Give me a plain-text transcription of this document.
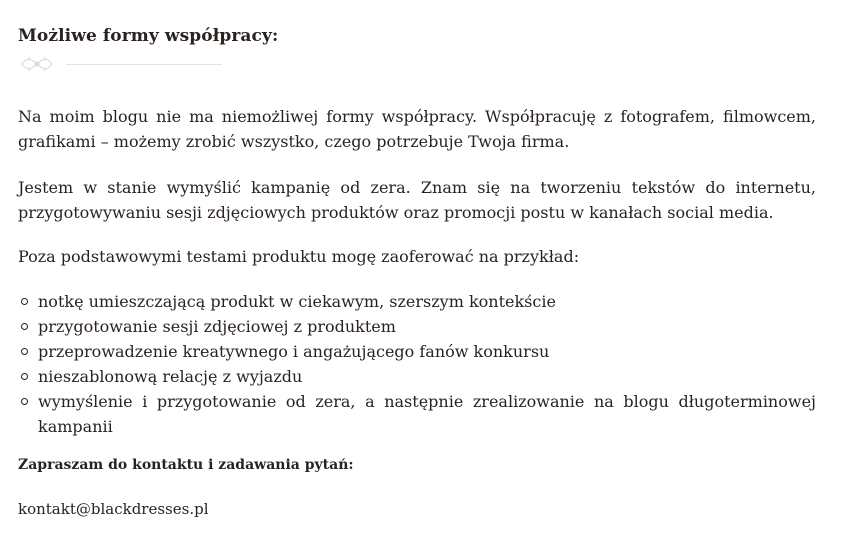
Możliwe formy współpracy:

Na moim blogu nie ma niemożliwej formy współpracy. Współpracuję z fotografem, filmowcem, grafikami – możemy zrobić wszystko, czego potrzebuje Twoja firma.

Jestem w stanie wymyślić kampanię od zera. Znam się na tworzeniu tekstów do internetu, przygotowywaniu sesji zdjęciowych produktów oraz promocji postu w kanałach social media.

Poza podstawowymi testami produktu mogę zaoferować na przykład:

notkę umieszczającą produkt w ciekawym, szerszym kontekście
przygotowanie sesji zdjęciowej z produktem
przeprowadzenie kreatywnego i angażującego fanów konkursu
nieszablonową relację z wyjazdu
wymyślenie i przygotowanie od zera, a następnie zrealizowanie na blogu długoterminowej kampanii
Zapraszam do kontaktu i zadawania pytań:
kontakt@blackdresses.pl
